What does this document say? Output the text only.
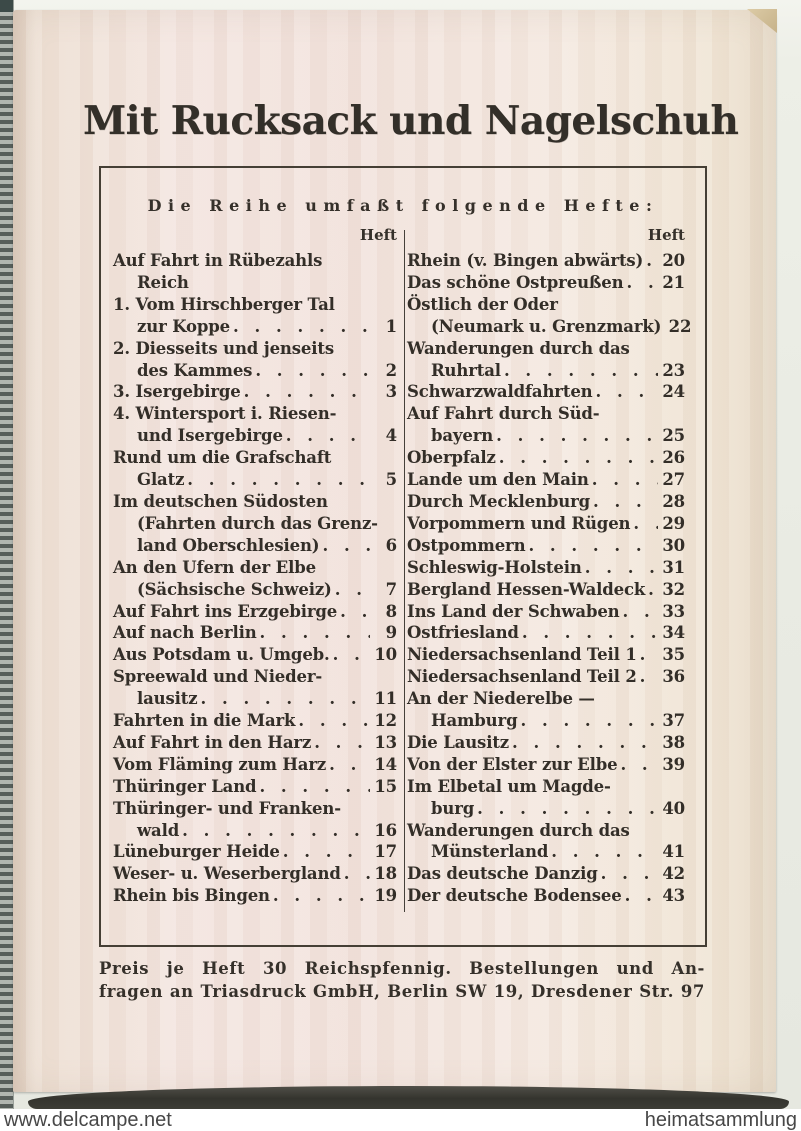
Mit Rucksack und Nagelschuh
Die Reihe umfaßt folgende Hefte:
Heft	Heft
Auf Fahrt in Rübezahls
Reich
1. Vom Hirschberger Tal
zur Koppe . . .	1
2. Diesseits und jenseits
des Kammes . . .	2
3. Isergebirge . . .	3
4. Wintersport i. Riesen-
und Isergebirge . . .	4
Rund um die Grafschaft
Glatz . . .	5
Im deutschen Südosten
(Fahrten durch das Grenz-
land Oberschlesien) . . .	6
An den Ufern der Elbe
(Sächsische Schweiz) . . .	7
Auf Fahrt ins Erzgebirge . . .	8
Auf nach Berlin . . .	9
Aus Potsdam u. Umgeb. . . .	10
Spreewald und Nieder-
lausitz . . .	11
Fahrten in die Mark . . .	12
Auf Fahrt in den Harz . . .	13
Vom Fläming zum Harz . . .	14
Thüringer Land . . .	15
Thüringer- und Franken-
wald . . .	16
Lüneburger Heide . . .	17
Weser- u. Weserbergland . . . 18
Rhein bis Bingen . . .	19
Rhein (v. Bingen abwärts) . . . 20
Das schöne Ostpreußen . . . 21
Östlich der Oder
(Neumark u. Grenzmark) 22
Wanderungen durch das
Ruhrtal . . .	23
Schwarzwaldfahrten . . .	24
Auf Fahrt durch Süd-
bayern . . .	25
Oberpfalz . . .	26
Lande um den Main . . .	27
Durch Mecklenburg . . .	28
Vorpommern und Rügen . . . 29
Ostpommern . . .	30
Schleswig-Holstein . . .	31
Bergland Hessen-Waldeck . . . 32
Ins Land der Schwaben . . .	33
Ostfriesland . . .	34
Niedersachsenland Teil 1 . . . 35
Niedersachsenland Teil 2 . . . 36
An der Niederelbe —
Hamburg . . .	37
Die Lausitz . . .	38
Von der Elster zur Elbe . . .	39
Im Elbetal um Magde-
burg . . .	40
Wanderungen durch das
Münsterland . . .	41
Das deutsche Danzig . . .	42
Der deutsche Bodensee . . . 43
Preis je Heft 30 Reichspfennig. Bestellungen und An-
fragen an Triasdruck GmbH, Berlin SW 19, Dresdener Str. 97
www.delcampe.net	heimatsammlung
